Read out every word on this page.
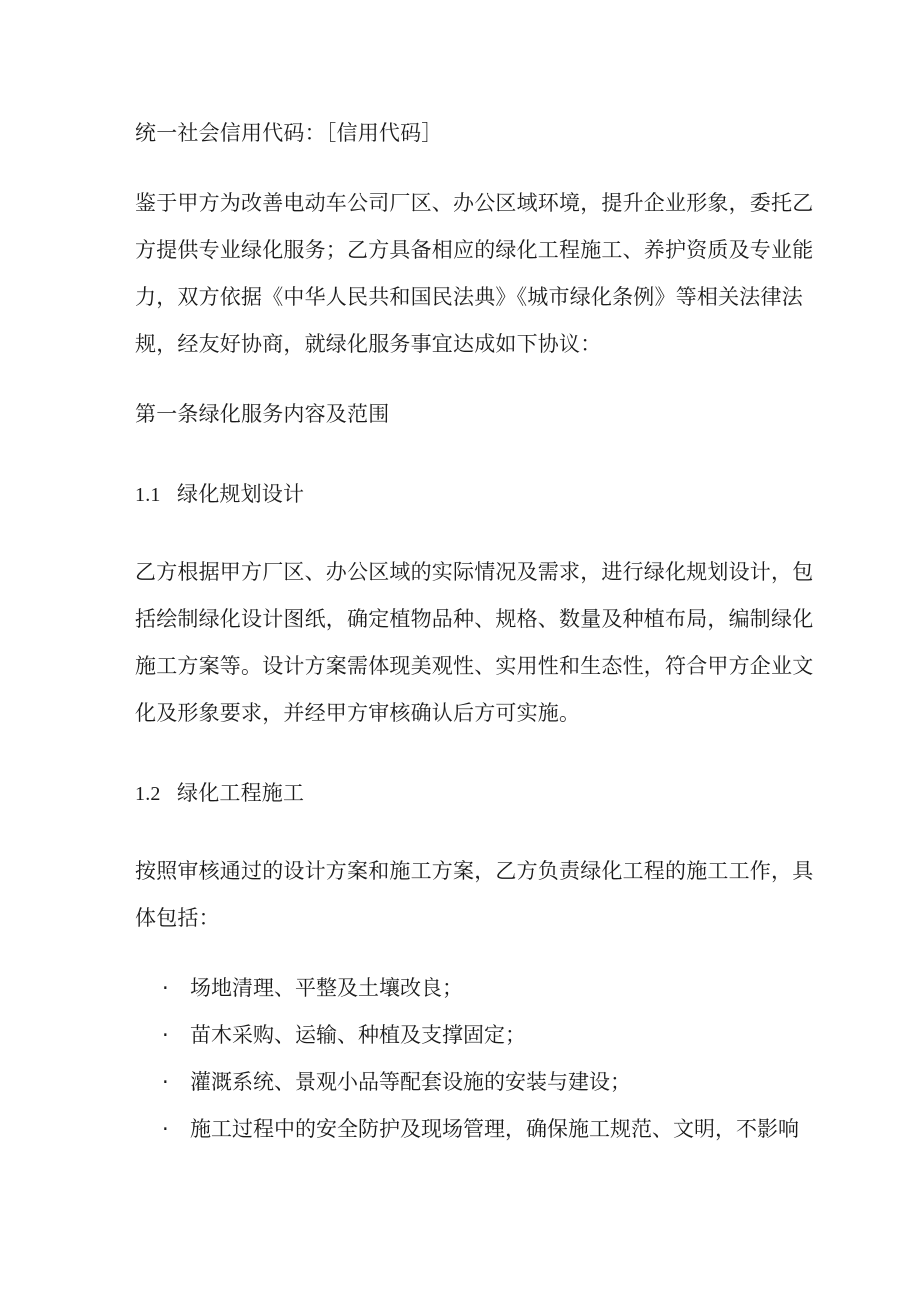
统一社会信用代码：［信用代码］
鉴于甲方为改善电动车公司厂区、办公区域环境，提升企业形象，委托乙
方提供专业绿化服务；乙方具备相应的绿化工程施工、养护资质及专业能
力，双方依据《中华人民共和国民法典》《城市绿化条例》等相关法律法
规，经友好协商，就绿化服务事宜达成如下协议：
第一条绿化服务内容及范围
1.1 绿化规划设计
乙方根据甲方厂区、办公区域的实际情况及需求，进行绿化规划设计，包
括绘制绿化设计图纸，确定植物品种、规格、数量及种植布局，编制绿化
施工方案等。设计方案需体现美观性、实用性和生态性，符合甲方企业文
化及形象要求，并经甲方审核确认后方可实施。
1.2 绿化工程施工
按照审核通过的设计方案和施工方案，乙方负责绿化工程的施工工作，具
体包括：
· 场地清理、平整及土壤改良；
· 苗木采购、运输、种植及支撑固定；
· 灌溉系统、景观小品等配套设施的安装与建设；
· 施工过程中的安全防护及现场管理，确保施工规范、文明，不影响
